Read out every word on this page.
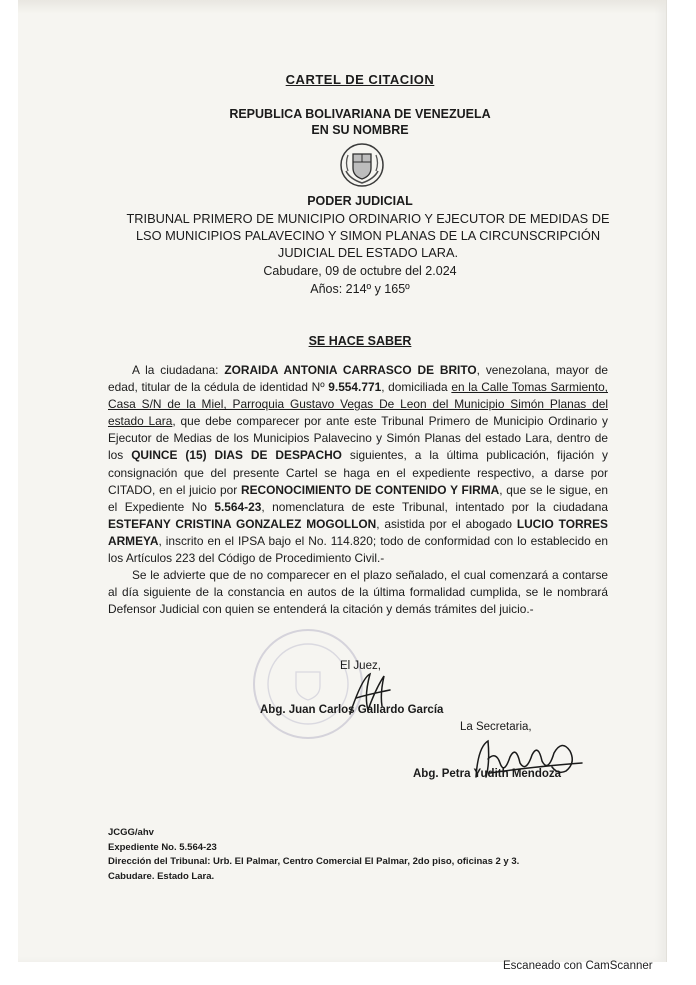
CARTEL DE CITACION
REPUBLICA BOLIVARIANA DE VENEZUELA
EN SU NOMBRE
PODER JUDICIAL
TRIBUNAL PRIMERO DE MUNICIPIO ORDINARIO Y EJECUTOR DE MEDIDAS DE
LSO MUNICIPIOS PALAVECINO Y SIMON PLANAS DE LA CIRCUNSCRIPCIÓN
JUDICIAL DEL ESTADO LARA.
Cabudare, 09 de octubre del 2.024
Años: 214º y 165º
SE HACE SABER

A la ciudadana: ZORAIDA ANTONIA CARRASCO DE BRITO, venezolana, mayor de edad, titular de la cédula de identidad Nº 9.554.771, domiciliada en la Calle Tomas Sarmiento, Casa S/N de la Miel, Parroquia Gustavo Vegas De Leon del Municipio Simón Planas del estado Lara, que debe comparecer por ante este Tribunal Primero de Municipio Ordinario y Ejecutor de Medias de los Municipios Palavecino y Simón Planas del estado Lara, dentro de los QUINCE (15) DIAS DE DESPACHO siguientes, a la última publicación, fijación y consignación que del presente Cartel se haga en el expediente respectivo, a darse por CITADO, en el juicio por RECONOCIMIENTO DE CONTENIDO Y FIRMA, que se le sigue, en el Expediente No 5.564-23, nomenclatura de este Tribunal, intentado por la ciudadana ESTEFANY CRISTINA GONZALEZ MOGOLLON, asistida por el abogado LUCIO TORRES ARMEYA, inscrito en el IPSA bajo el No. 114.820; todo de conformidad con lo establecido en los Artículos 223 del Código de Procedimiento Civil.-

Se le advierte que de no comparecer en el plazo señalado, el cual comenzará a contarse al día siguiente de la constancia en autos de la última formalidad cumplida, se le nombrará Defensor Judicial con quien se entenderá la citación y demás trámites del juicio.-

El Juez,
Abg. Juan Carlos Gallardo García
La Secretaria,
Abg. Petra Yudith Mendoza
JCGG/ahv
Expediente No. 5.564-23
Dirección del Tribunal: Urb. El Palmar, Centro Comercial El Palmar, 2do piso, oficinas 2 y 3.
Cabudare. Estado Lara.
Escaneado con CamScanner
